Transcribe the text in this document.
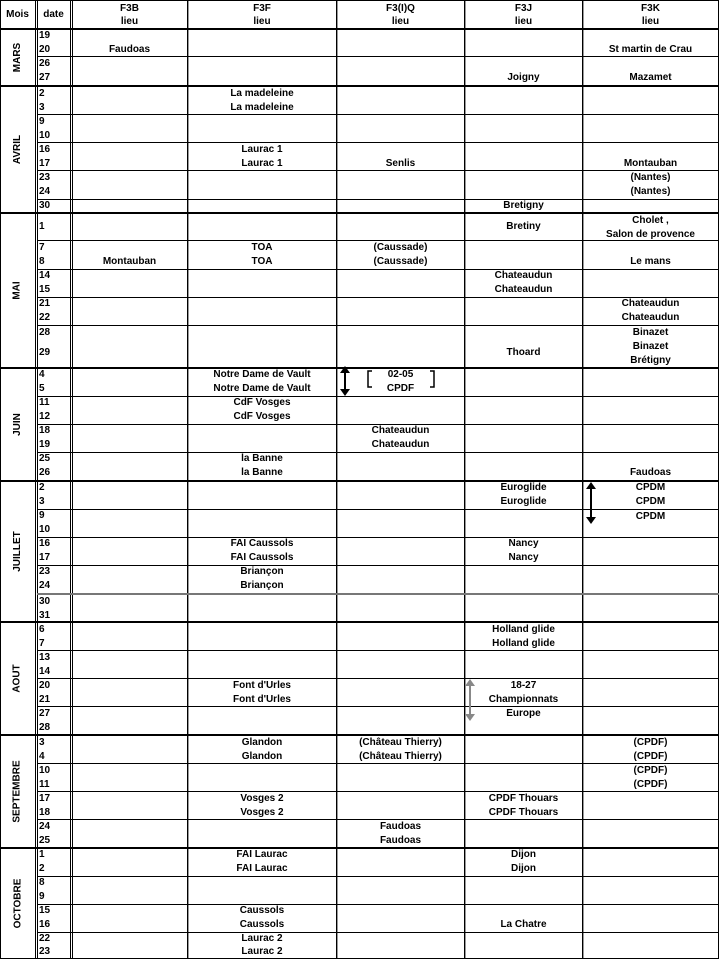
Mois	date
F3B
lieu
F3F
lieu
F3(I)Q
lieu
F3J
lieu
F3K
lieu
MARS
AVRIL
MAI
JUIN
JUILLET
AOUT
SEPTEMBRE
OCTOBRE
19
20
26
27
2
3
9
10
16
17
23
24
30
1
7
8
14
15
21
22
28
29
4
5
11
12
18
19
25
26
2
3
9
10
16
17
23
24
30
31
6
7
13
14
20
21
27
28
3
4
10
11
17
18
24
25
1
2
8
9
15
16
22
23
Faudoas
Montauban
La madeleine
La madeleine
Laurac 1
Laurac 1
TOA
TOA
Notre Dame de Vault
Notre Dame de Vault
CdF Vosges
CdF Vosges
la Banne
la Banne
FAI Caussols
FAI Caussols
Briançon
Briançon
Font d'Urles
Font d'Urles
Glandon
Glandon
Vosges 2
Vosges 2
FAI Laurac
FAI Laurac
Caussols
Caussols
Laurac 2
Laurac 2
Senlis
(Caussade)
(Caussade)
02-05
CPDF
Chateaudun
Chateaudun
(Château Thierry)
(Château Thierry)
Faudoas
Faudoas
Joigny
Bretigny
Bretiny
Chateaudun
Chateaudun
Thoard
Euroglide
Euroglide
Nancy
Nancy
Holland glide
Holland glide
18-27
Championnats
Europe
CPDF Thouars
CPDF Thouars
Dijon
Dijon
La Chatre
St martin de Crau
Mazamet
Montauban
(Nantes)
(Nantes)
Cholet ,
Salon de provence
Le mans
Chateaudun
Chateaudun
Binazet
Binazet
Brétigny
Faudoas
CPDM
CPDM
CPDM
(CPDF)
(CPDF)
(CPDF)
(CPDF)
